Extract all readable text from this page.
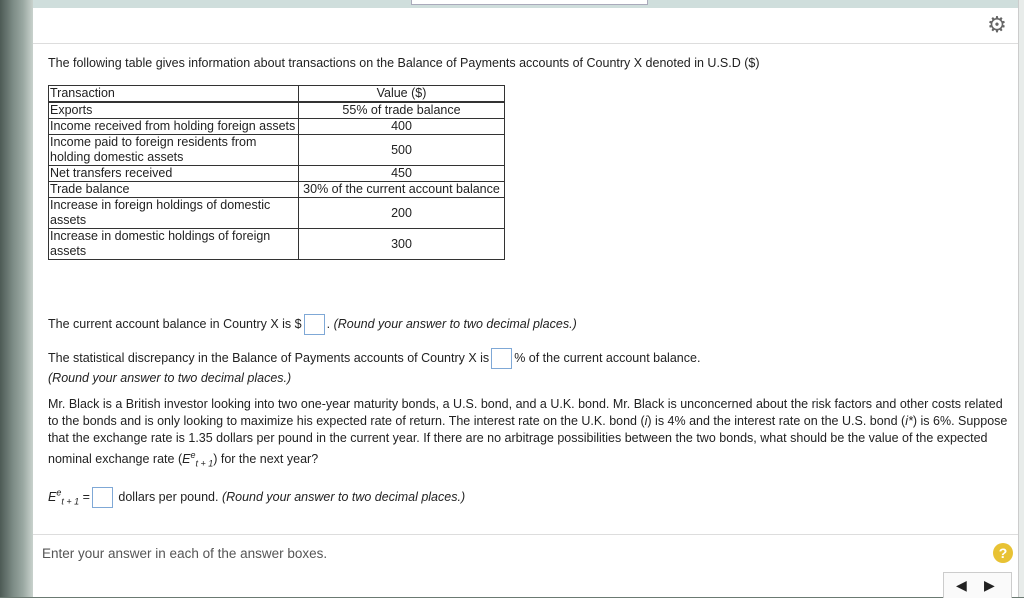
⚙
The following table gives information about transactions on the Balance of Payments accounts of Country X denoted in U.S.D ($)
Transaction	Value ($)
Exports	55% of trade balance
Income received from holding foreign assets	400
Income paid to foreign residents from holding domestic assets	500
Net transfers received	450
Trade balance	30% of the current account balance
Increase in foreign holdings of domestic assets	200
Increase in domestic holdings of foreign assets	300
The current account balance in Country X is $ . (Round your answer to two decimal places.)
The statistical discrepancy in the Balance of Payments accounts of Country X is % of the current account balance.
(Round your answer to two decimal places.)
Mr. Black is a British investor looking into two one-year maturity bonds, a U.S. bond, and a U.K. bond. Mr. Black is unconcerned about the risk factors and other costs related to the bonds and is only looking to maximize his expected rate of return. The interest rate on the U.K. bond (i) is 4% and the interest rate on the U.S. bond (i*) is 6%. Suppose that the exchange rate is 1.35 dollars per pound in the current year. If there are no arbitrage possibilities between the two bonds, what should be the value of the expected nominal exchange rate $(E^e_{t + 1})$ for the next year?
$E^e_{t + 1}$ = dollars per pound. (Round your answer to two decimal places.)
Enter your answer in each of the answer boxes.	?
◀ ▶
